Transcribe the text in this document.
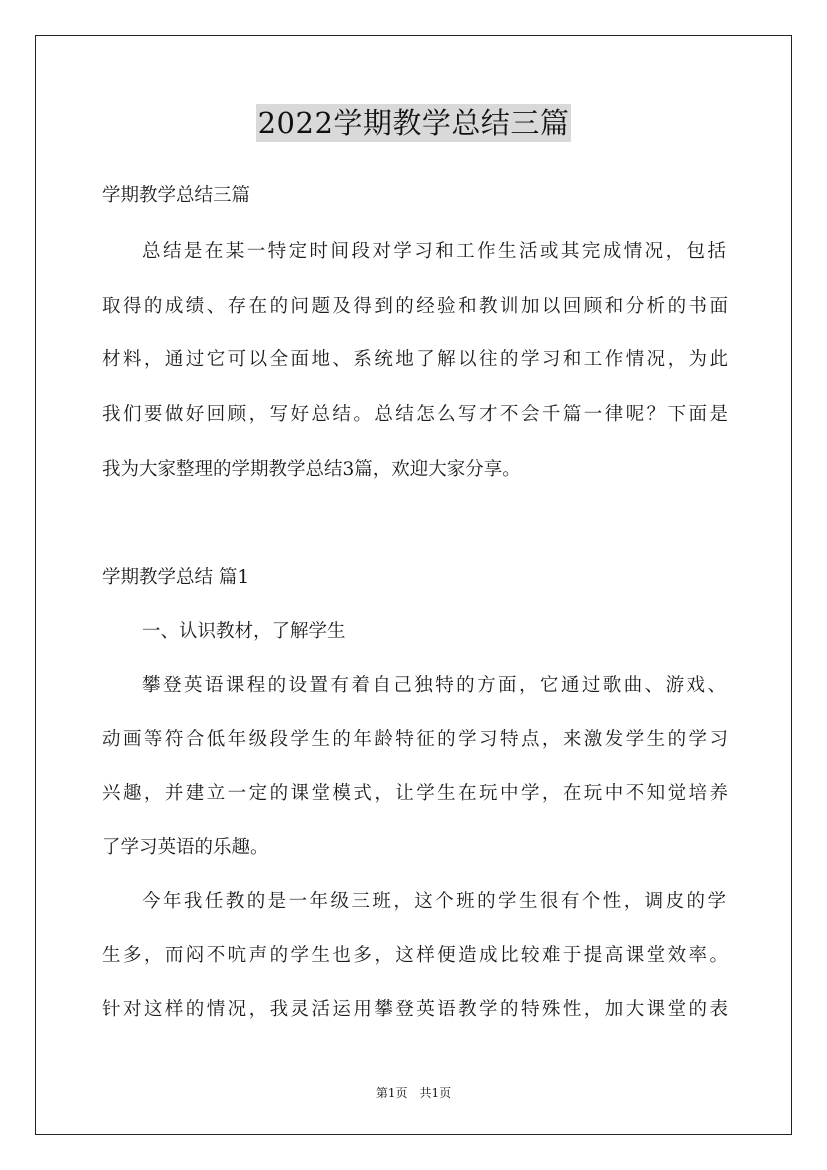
2022学期教学总结三篇
学期教学总结三篇
总结是在某一特定时间段对学习和工作生活或其完成情况，包括
取得的成绩、存在的问题及得到的经验和教训加以回顾和分析的书面
材料，通过它可以全面地、系统地了解以往的学习和工作情况，为此
我们要做好回顾，写好总结。总结怎么写才不会千篇一律呢？下面是
我为大家整理的学期教学总结3篇，欢迎大家分享。
学期教学总结 篇1
一、认识教材，了解学生
攀登英语课程的设置有着自己独特的方面，它通过歌曲、游戏、
动画等符合低年级段学生的年龄特征的学习特点，来激发学生的学习
兴趣，并建立一定的课堂模式，让学生在玩中学，在玩中不知觉培养
了学习英语的乐趣。
今年我任教的是一年级三班，这个班的学生很有个性，调皮的学
生多，而闷不吭声的学生也多，这样便造成比较难于提高课堂效率。
针对这样的情况，我灵活运用攀登英语教学的特殊性，加大课堂的表
第1页 共1页
